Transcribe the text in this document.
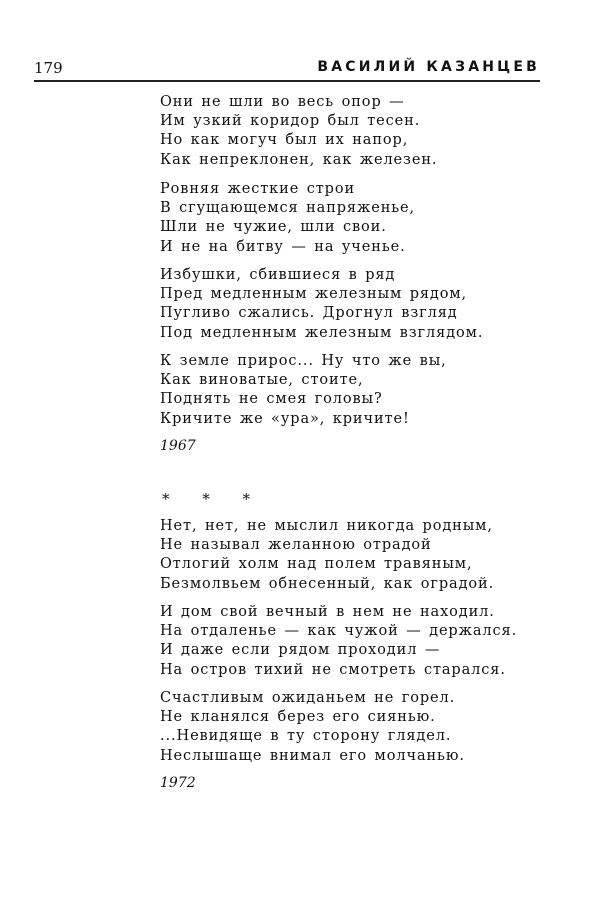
179	ВАСИЛИЙ КАЗАНЦЕВ
Они не шли во весь опор —
Им узкий коридор был тесен.
Но как могуч был их напор,
Как непреклонен, как железен.
Ровняя жесткие строи
В сгущающемся напряженье,
Шли не чужие, шли свои.
И не на битву — на ученье.
Избушки, сбившиеся в ряд
Пред медленным железным рядом,
Пугливо сжались. Дрогнул взгляд
Под медленным железным взглядом.
К земле прирос... Ну что же вы,
Как виноватые, стоите,
Поднять не смея головы?
Кричите же «ура», кричите!
Нет, нет, не мыслил никогда родным,
Не называл желанною отрадой
Отлогий холм над полем травяным,
Безмолвьем обнесенный, как оградой.
И дом свой вечный в нем не находил.
На отдаленье — как чужой — держался.
И даже если рядом проходил —
На остров тихий не смотреть старался.
Счастливым ожиданьем не горел.
Не кланялся берез его сиянью.
...Невидяще в ту сторону глядел.
Неслышаще внимал его молчанью.
1967
* * *
1972
